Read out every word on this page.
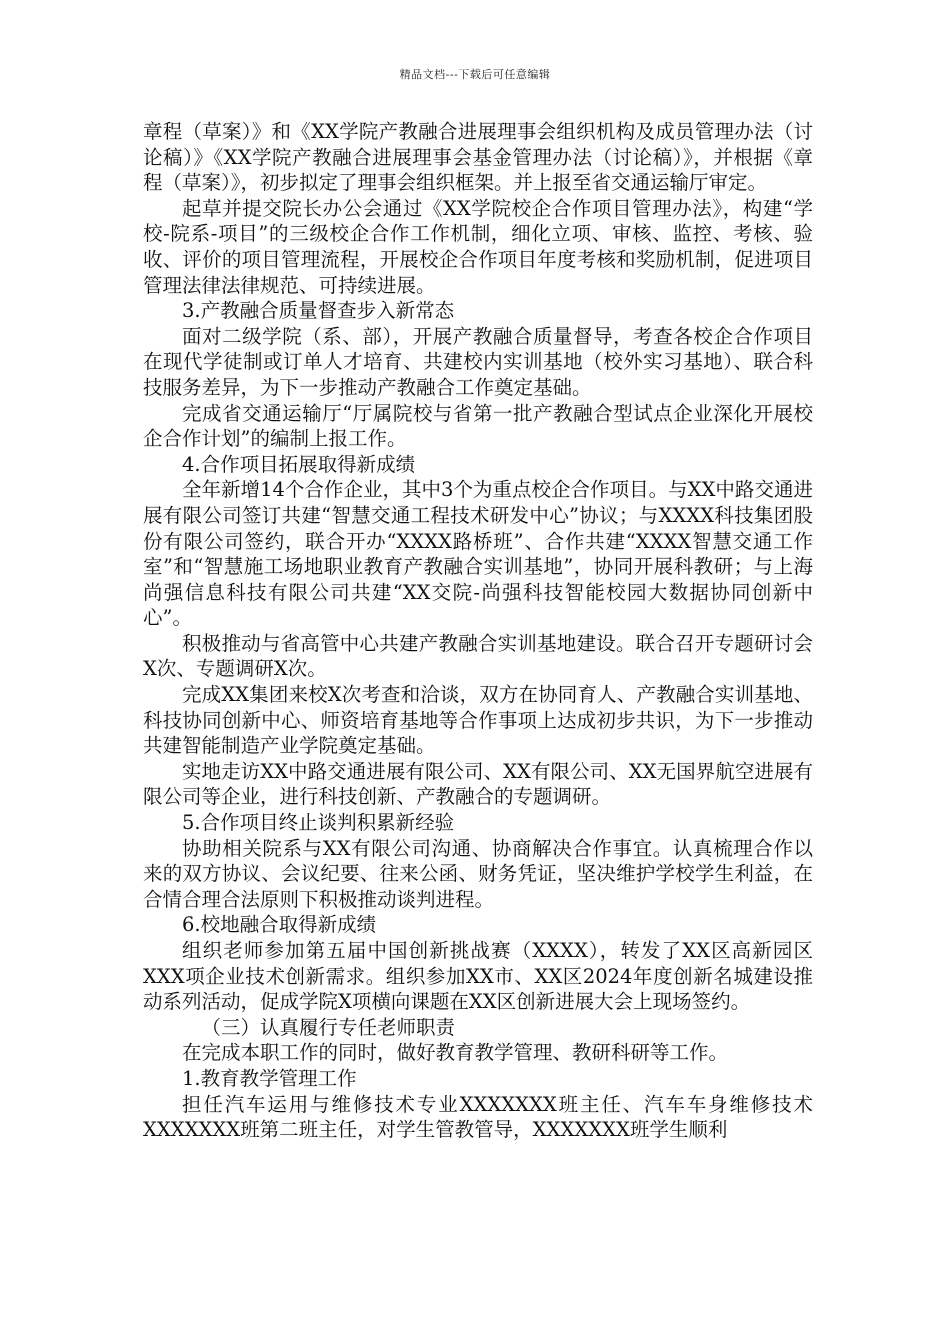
精品文档---下载后可任意编辑

章程（草案）》和《XX学院产教融合进展理事会组织机构及成员管理办法（讨论稿）》《XX学院产教融合进展理事会基金管理办法（讨论稿）》，并根据《章程（草案）》，初步拟定了理事会组织框架。并上报至省交通运输厅审定。

起草并提交院长办公会通过《XX学院校企合作项目管理办法》，构建“学校-院系-项目”的三级校企合作工作机制，细化立项、审核、监控、考核、验收、评价的项目管理流程，开展校企合作项目年度考核和奖励机制，促进项目管理法律法律规范、可持续进展。

3.产教融合质量督查步入新常态

面对二级学院（系、部），开展产教融合质量督导，考查各校企合作项目在现代学徒制或订单人才培育、共建校内实训基地（校外实习基地）、联合科技服务差异，为下一步推动产教融合工作奠定基础。

完成省交通运输厅“厅属院校与省第一批产教融合型试点企业深化开展校企合作计划”的编制上报工作。

4.合作项目拓展取得新成绩

全年新增14个合作企业，其中3个为重点校企合作项目。与XX中路交通进展有限公司签订共建“智慧交通工程技术研发中心”协议；与XXXX科技集团股份有限公司签约，联合开办“XXXX路桥班”、合作共建“XXXX智慧交通工作室”和“智慧施工场地职业教育产教融合实训基地”，协同开展科教研；与上海尚强信息科技有限公司共建“XX交院-尚强科技智能校园大数据协同创新中心”。

积极推动与省高管中心共建产教融合实训基地建设。联合召开专题研讨会X次、专题调研X次。

完成XX集团来校X次考查和洽谈，双方在协同育人、产教融合实训基地、科技协同创新中心、师资培育基地等合作事项上达成初步共识，为下一步推动共建智能制造产业学院奠定基础。

实地走访XX中路交通进展有限公司、XX有限公司、XX无国界航空进展有限公司等企业，进行科技创新、产教融合的专题调研。

5.合作项目终止谈判积累新经验

协助相关院系与XX有限公司沟通、协商解决合作事宜。认真梳理合作以来的双方协议、会议纪要、往来公函、财务凭证，坚决维护学校学生利益，在合情合理合法原则下积极推动谈判进程。

6.校地融合取得新成绩

组织老师参加第五届中国创新挑战赛（XXXX），转发了XX区高新园区XXX项企业技术创新需求。组织参加XX市、XX区2024年度创新名城建设推动系列活动，促成学院X项横向课题在XX区创新进展大会上现场签约。

（三）认真履行专任老师职责

在完成本职工作的同时，做好教育教学管理、教研科研等工作。

1.教育教学管理工作

担任汽车运用与维修技术专业XXXXXXX班主任、汽车车身维修技术XXXXXXX班第二班主任，对学生管教管导，XXXXXXX班学生顺利
